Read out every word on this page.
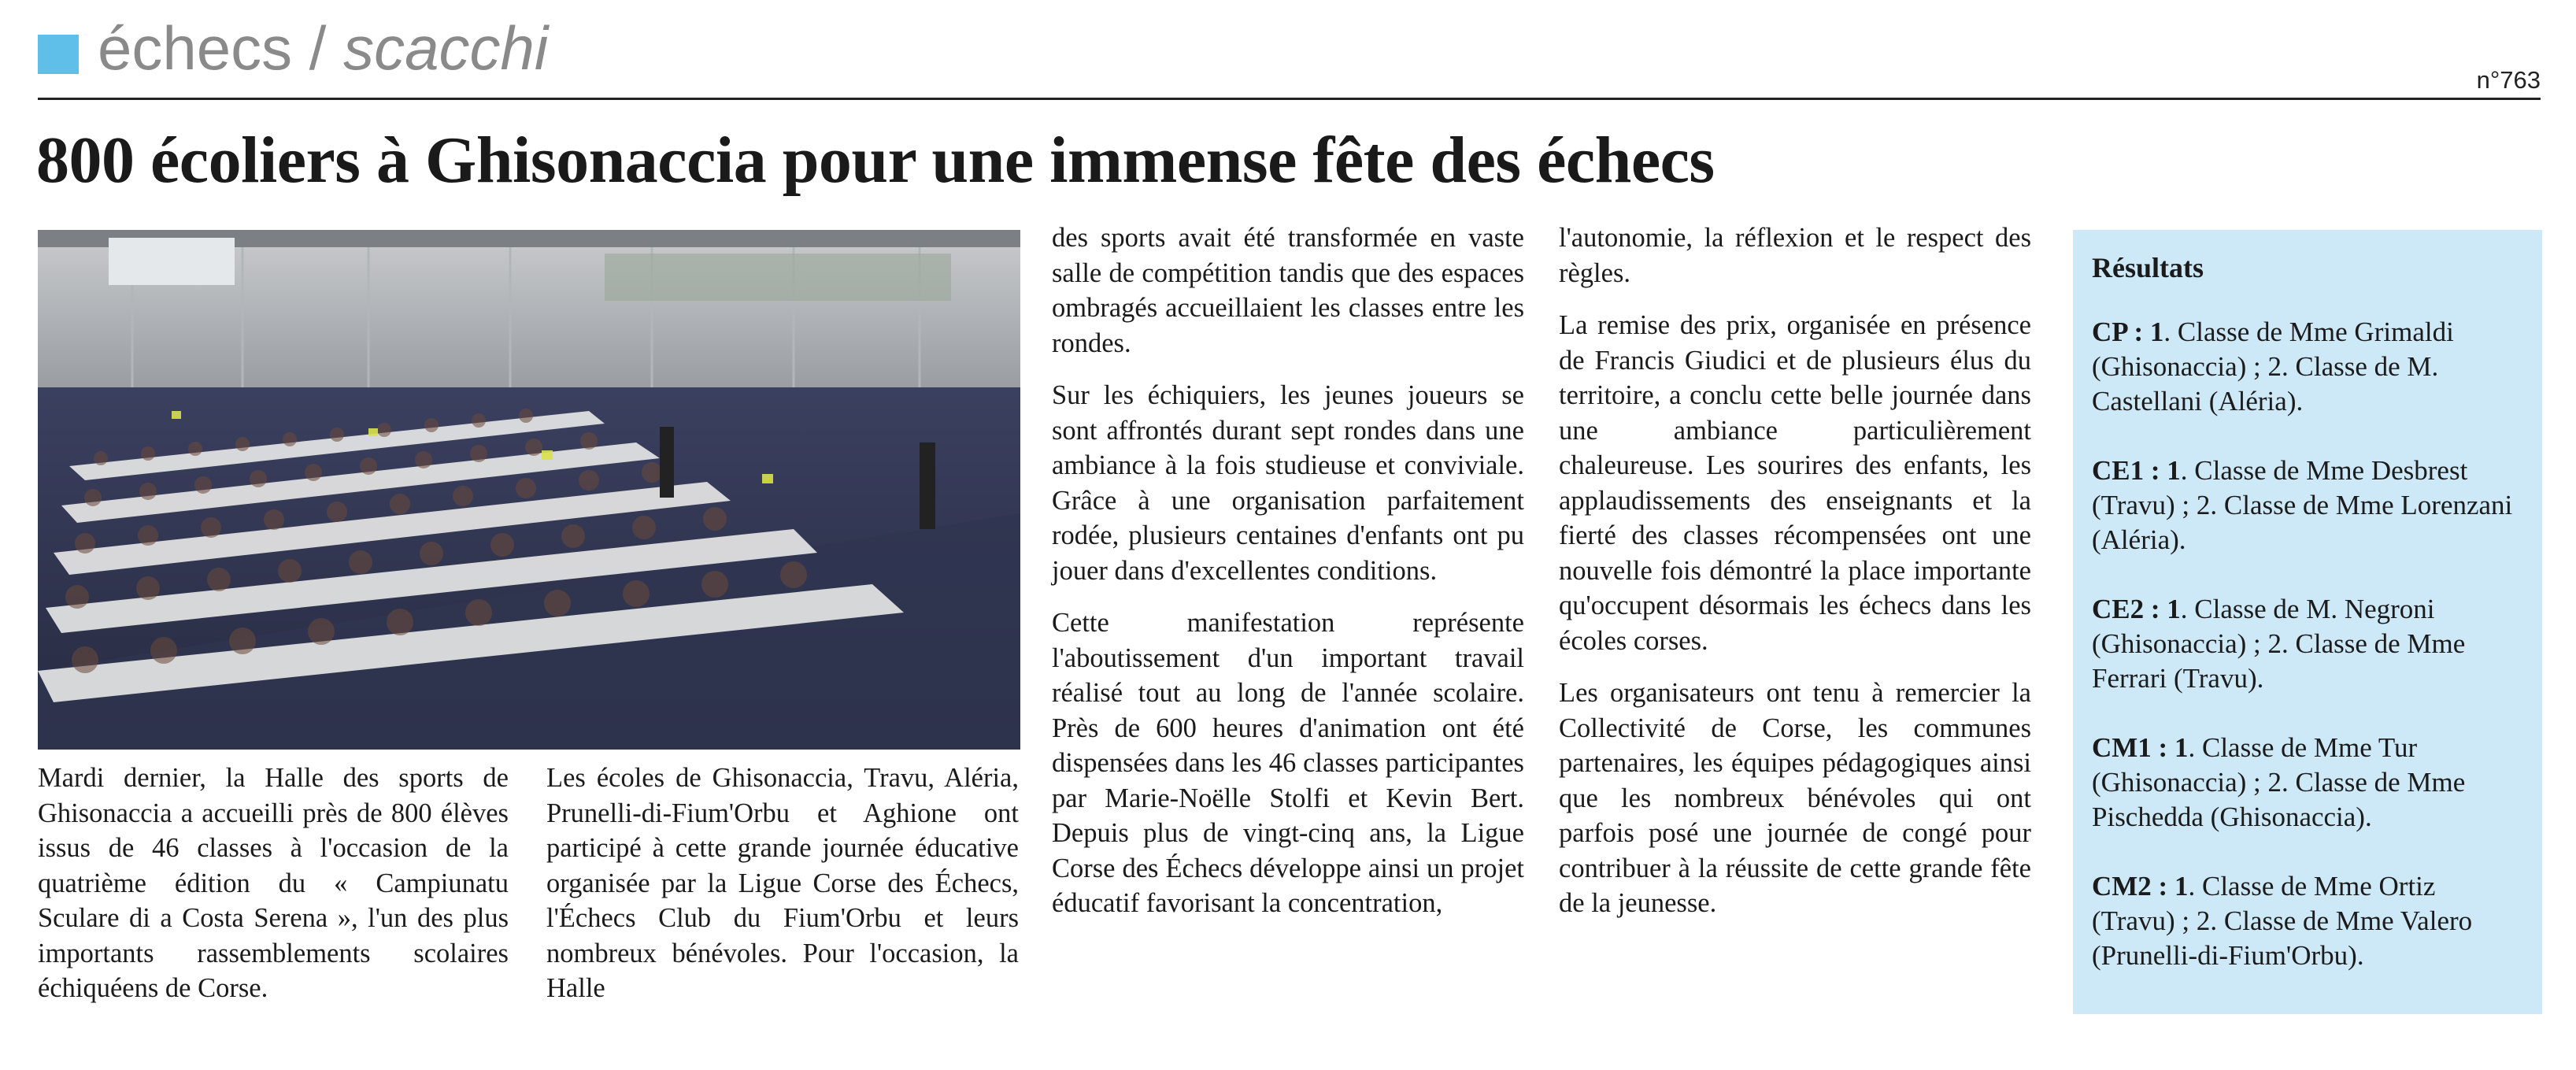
échecs / scacchi	n°763
800 écoliers à Ghisonaccia pour une immense fête des échecs

Mardi dernier, la Halle des sports de Ghisonaccia a accueilli près de 800 élèves issus de 46 classes à l'occasion de la quatrième édition du « Campiunatu Sculare di a Costa Serena », l'un des plus importants rassemblements scolaires échiquéens de Corse.

Les écoles de Ghisonaccia, Travu, Aléria, Prunelli-di-Fium'Orbu et Aghione ont participé à cette grande journée éducative organisée par la Ligue Corse des Échecs, l'Échecs Club du Fium'Orbu et leurs nombreux bénévoles. Pour l'occasion, la Halle

des sports avait été transformée en vaste salle de compétition tandis que des espaces ombragés accueillaient les classes entre les rondes.

Sur les échiquiers, les jeunes joueurs se sont affrontés durant sept rondes dans une ambiance à la fois studieuse et conviviale. Grâce à une organisation parfaitement rodée, plusieurs centaines d'enfants ont pu jouer dans d'excellentes conditions.

Cette manifestation représente l'aboutissement d'un important travail réalisé tout au long de l'année scolaire. Près de 600 heures d'animation ont été dispensées dans les 46 classes participantes par Marie-Noëlle Stolfi et Kevin Bert. Depuis plus de vingt-cinq ans, la Ligue Corse des Échecs développe ainsi un projet éducatif favorisant la concentration,

l'autonomie, la réflexion et le respect des règles.

La remise des prix, organisée en présence de Francis Giudici et de plusieurs élus du territoire, a conclu cette belle journée dans une ambiance particulièrement chaleureuse. Les sourires des enfants, les applaudissements des enseignants et la fierté des classes récompensées ont une nouvelle fois démontré la place importante qu'occupent désormais les échecs dans les écoles corses.

Les organisateurs ont tenu à remercier la Collectivité de Corse, les communes partenaires, les équipes pédagogiques ainsi que les nombreux bénévoles qui ont parfois posé une journée de congé pour contribuer à la réussite de cette grande fête de la jeunesse.

Résultats
CP : 1. Classe de Mme Grimaldi (Ghisonaccia) ; 2. Classe de M. Castellani (Aléria).
CE1 : 1. Classe de Mme Desbrest (Travu) ; 2. Classe de Mme Lorenzani (Aléria).
CE2 : 1. Classe de M. Negroni (Ghisonaccia) ; 2. Classe de Mme Ferrari (Travu).
CM1 : 1. Classe de Mme Tur (Ghisonaccia) ; 2. Classe de Mme Pischedda (Ghisonaccia).
CM2 : 1. Classe de Mme Ortiz (Travu) ; 2. Classe de Mme Valero (Prunelli-di-Fium'Orbu).
